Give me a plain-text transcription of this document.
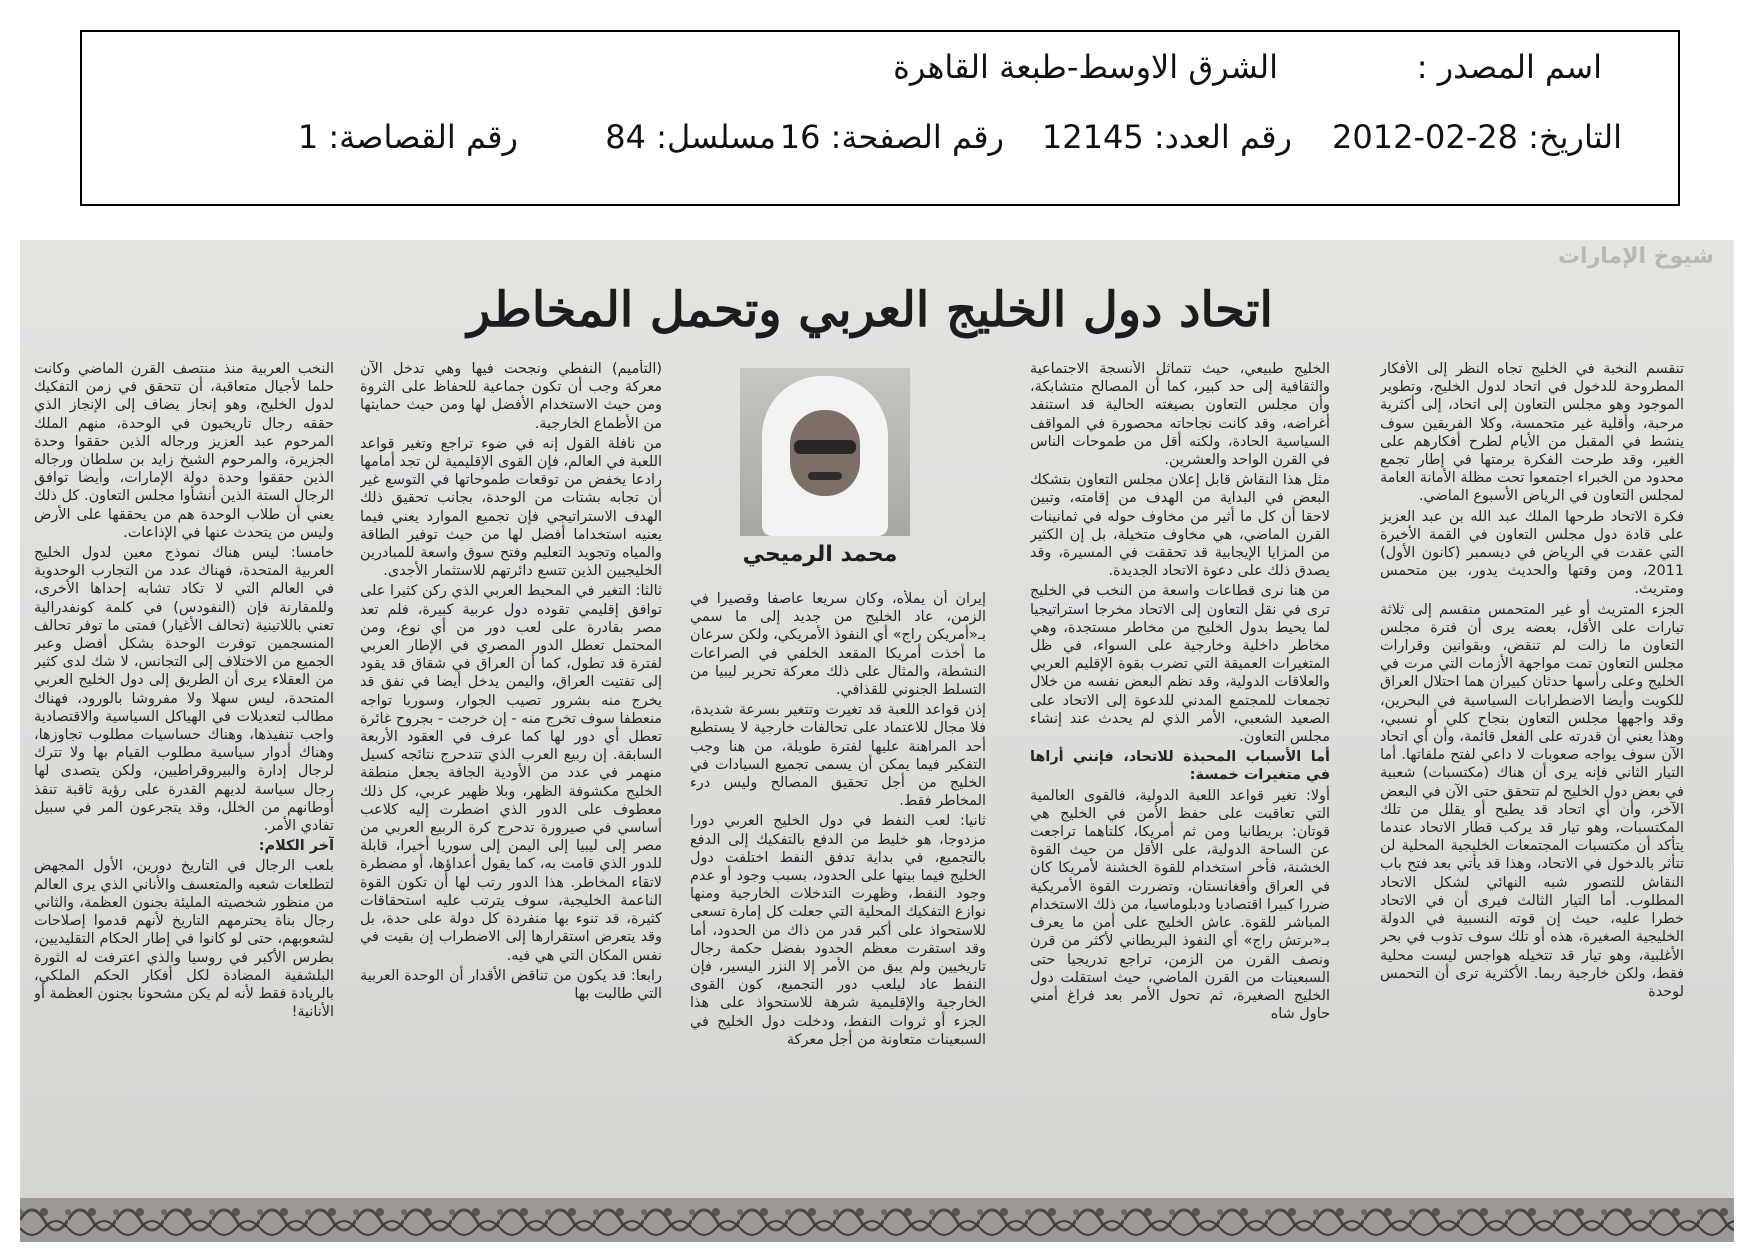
اسم المصدر :
الشرق الاوسط-طبعة القاهرة
التاريخ: 28-02-2012
رقم العدد: 12145
رقم الصفحة: 16
مسلسل: 84
رقم القصاصة: 1
شيوخ الإمارات
اتحاد دول الخليج العربي وتحمل المخاطر

تنقسم النخبة في الخليج تجاه النظر إلى الأفكار المطروحة للدخول في اتحاد لدول الخليج، وتطوير الموجود وهو مجلس التعاون إلى اتحاد، إلى أكثرية مرحبة، وأقلية غير متحمسة، وكلا الفريقين سوف ينشط في المقبل من الأيام لطرح أفكارهم على الغير، وقد طرحت الفكرة برمتها في إطار تجمع محدود من الخبراء اجتمعوا تحت مظلة الأمانة العامة لمجلس التعاون في الرياض الأسبوع الماضي.

فكرة الاتحاد طرحها الملك عبد الله بن عبد العزيز على قادة دول مجلس التعاون في القمة الأخيرة التي عقدت في الرياض في ديسمبر (كانون الأول) 2011، ومن وقتها والحديث يدور، بين متحمس ومتريث.

الجزء المتريث أو غير المتحمس منقسم إلى ثلاثة تيارات على الأقل، بعضه يرى أن فترة مجلس التعاون ما زالت لم تنقض، وبقوانين وقرارات مجلس التعاون تمت مواجهة الأزمات التي مرت في الخليج وعلى رأسها حدثان كبيران هما احتلال العراق للكويت وأيضا الاضطرابات السياسية في البحرين، وقد واجهها مجلس التعاون بنجاح كلي أو نسبي، وهذا يعني أن قدرته على الفعل قائمة، وأن أي اتحاد الآن سوف يواجه صعوبات لا داعي لفتح ملفاتها. أما التيار الثاني فإنه يرى أن هناك (مكتسبات) شعبية في بعض دول الخليج لم تتحقق حتى الآن في البعض الآخر، وأن أي اتحاد قد يطيح أو يقلل من تلك المكتسبات، وهو تيار قد يركب قطار الاتحاد عندما يتأكد أن مكتسبات المجتمعات الخليجية المحلية لن تتأثر بالدخول في الاتحاد، وهذا قد يأتي بعد فتح باب النقاش للتصور شبه النهائي لشكل الاتحاد المطلوب. أما التيار الثالث فيرى أن في الاتحاد خطرا عليه، حيث إن قوته النسبية في الدولة الخليجية الصغيرة، هذه أو تلك سوف تذوب في بحر الأغلبية، وهو تيار قد تتخيله هواجس ليست محلية فقط، ولكن خارجية ربما. الأكثرية ترى أن التحمس لوحدة

الخليج طبيعي، حيث تتماثل الأنسجة الاجتماعية والثقافية إلى حد كبير، كما أن المصالح متشابكة، وأن مجلس التعاون بصيغته الحالية قد استنفد أغراضه، وقد كانت نجاحاته محصورة في المواقف السياسية الحادة، ولكنه أقل من طموحات الناس في القرن الواحد والعشرين.

مثل هذا النقاش قابل إعلان مجلس التعاون بتشكك البعض في البداية من الهدف من إقامته، وتبين لاحقا أن كل ما أثير من مخاوف حوله في ثمانينات القرن الماضي، هي مخاوف متخيلة، بل إن الكثير من المزايا الإيجابية قد تحققت في المسيرة، وقد يصدق ذلك على دعوة الاتحاد الجديدة.

من هنا نرى قطاعات واسعة من النخب في الخليج ترى في نقل التعاون إلى الاتحاد مخرجا استراتيجيا لما يحيط بدول الخليج من مخاطر مستجدة، وهي مخاطر داخلية وخارجية على السواء، في ظل المتغيرات العميقة التي تضرب بقوة الإقليم العربي والعلاقات الدولية، وقد نظم البعض نفسه من خلال تجمعات للمجتمع المدني للدعوة إلى الاتحاد على الصعيد الشعبي، الأمر الذي لم يحدث عند إنشاء مجلس التعاون.

أما الأسباب المحبذة للاتحاد، فإنني أراها في متغيرات خمسة:

أولا: تغير قواعد اللعبة الدولية، فالقوى العالمية التي تعاقبت على حفظ الأمن في الخليج هي قوتان: بريطانيا ومن ثم أمريكا، كلتاهما تراجعت عن الساحة الدولية، على الأقل من حيث القوة الخشنة، فأخر استخدام للقوة الخشنة لأمريكا كان في العراق وأفغانستان، وتضررت القوة الأمريكية ضررا كبيرا اقتصاديا ودبلوماسيا، من ذلك الاستخدام المباشر للقوة. عاش الخليج على أمن ما يعرف بـ«برتش راج» أي النفوذ البريطاني لأكثر من قرن ونصف القرن من الزمن، تراجع تدريجيا حتى السبعينات من القرن الماضي، حيث استقلت دول الخليج الصغيرة، ثم تحول الأمر بعد فراغ أمني حاول شاه

محمد الرميحي

إيران أن يملأه، وكان سريعا عاصفا وقصيرا في الزمن، عاد الخليج من جديد إلى ما سمي بـ«أمريكن راج» أي النفوذ الأمريكي، ولكن سرعان ما أخذت أمريكا المقعد الخلفي في الصراعات النشطة، والمثال على ذلك معركة تحرير ليبيا من التسلط الجنوني للقذافي.

إذن قواعد اللعبة قد تغيرت وتتغير بسرعة شديدة، فلا مجال للاعتماد على تحالفات خارجية لا يستطيع أحد المراهنة عليها لفترة طويلة، من هنا وجب التفكير فيما يمكن أن يسمى تجميع السيادات في الخليج من أجل تحقيق المصالح وليس درء المخاطر فقط.

ثانيا: لعب النفط في دول الخليج العربي دورا مزدوجا، هو خليط من الدفع بالتفكيك إلى الدفع بالتجميع، في بداية تدفق النفط اختلفت دول الخليج فيما بينها على الحدود، بسبب وجود أو عدم وجود النفط، وظهرت التدخلات الخارجية ومنها نوازع التفكيك المحلية التي جعلت كل إمارة تسعى للاستحواذ على أكبر قدر من ذاك من الحدود، أما وقد استقرت معظم الحدود بفضل حكمة رجال تاريخيين ولم يبق من الأمر إلا النزر اليسير، فإن النفط عاد ليلعب دور التجميع، كون القوى الخارجية والإقليمية شرهة للاستحواذ على هذا الجزء أو ثروات النفط، ودخلت دول الخليج في السبعينات متعاونة من أجل معركة

(التأميم) النفطي ونجحت فيها وهي تدخل الآن معركة وجب أن تكون جماعية للحفاظ على الثروة ومن حيث الاستخدام الأفضل لها ومن حيث حمايتها من الأطماع الخارجية.

من نافلة القول إنه في ضوء تراجع وتغير قواعد اللعبة في العالم، فإن القوى الإقليمية لن تجد أمامها رادعا يخفض من توقعات طموحاتها في التوسع غير أن تجابه بشتات من الوحدة، بجانب تحقيق ذلك الهدف الاستراتيجي فإن تجميع الموارد يعني فيما يعنيه استخداما أفضل لها من حيث توفير الطاقة والمياه وتجويد التعليم وفتح سوق واسعة للمبادرين الخليجيين الذين تتسع دائرتهم للاستثمار الأجدى.

ثالثا: التغير في المحيط العربي الذي ركن كثيرا على توافق إقليمي تقوده دول عربية كبيرة، فلم تعد مصر بقادرة على لعب دور من أي نوع، ومن المحتمل تعطل الدور المصري في الإطار العربي لفترة قد تطول، كما أن العراق في شقاق قد يقود إلى تفتيت العراق، واليمن يدخل أيضا في نفق قد يخرج منه بشرور تصيب الجوار، وسوريا تواجه منعطفا سوف تخرج منه - إن خرجت - بجروح غائرة تعطل أي دور لها كما عرف في العقود الأربعة السابقة. إن ربيع العرب الذي تتدحرج نتائجه كسيل منهمر في عدد من الأودية الجافة يجعل منطقة الخليج مكشوفة الظهر، وبلا ظهير عربي، كل ذلك معطوف على الدور الذي اضطرت إليه كلاعب أساسي في صيرورة تدحرج كرة الربيع العربي من مصر إلى ليبيا إلى اليمن إلى سوريا أخيرا، قابلة للدور الذي قامت به، كما يقول أعداؤها، أو مضطرة لاتقاء المخاطر. هذا الدور رتب لها أن تكون القوة الناعمة الخليجية، سوف يترتب عليه استحقاقات كثيرة، قد تنوء بها منفردة كل دولة على حدة، بل وقد يتعرض استقرارها إلى الاضطراب إن بقيت في نفس المكان التي هي فيه.

رابعا: قد يكون من تناقض الأقدار أن الوحدة العربية التي طالبت بها

النخب العربية منذ منتصف القرن الماضي وكانت حلما لأجيال متعاقبة، أن تتحقق في زمن التفكيك لدول الخليج، وهو إنجاز يضاف إلى الإنجاز الذي حققه رجال تاريخيون في الوحدة، منهم الملك المرحوم عبد العزيز ورجاله الذين حققوا وحدة الجزيرة، والمرحوم الشيخ زايد بن سلطان ورجاله الذين حققوا وحدة دولة الإمارات، وأيضا توافق الرجال الستة الذين أنشأوا مجلس التعاون. كل ذلك يعني أن طلاب الوحدة هم من يحققها على الأرض وليس من يتحدث عنها في الإذاعات.

خامسا: ليس هناك نموذج معين لدول الخليج العربية المتحدة، فهناك عدد من التجارب الوحدوية في العالم التي لا تكاد تشابه إحداها الأخرى، وللمقارنة فإن (النفودس) في كلمة كونفدرالية تعني باللاتينية (تحالف الأغيار) فمتى ما توفر تحالف المنسجمين توفرت الوحدة بشكل أفضل وعبر الجميع من الاختلاف إلى التجانس، لا شك لدى كثير من العقلاء يرى أن الطريق إلى دول الخليج العربي المتحدة، ليس سهلا ولا مفروشا بالورود، فهناك مطالب لتعديلات في الهياكل السياسية والاقتصادية واجب تنفيذها، وهناك حساسيات مطلوب تجاوزها، وهناك أدوار سياسية مطلوب القيام بها ولا تترك لرجال إدارة والبيروقراطيين، ولكن يتصدى لها رجال سياسة لديهم القدرة على رؤية ثاقبة تنقذ أوطانهم من الخلل، وقد يتجرعون المر في سبيل تفادي الأمر.

آخر الكلام:

بلعب الرجال في التاريخ دورين، الأول المجهض لتطلعات شعبه والمتعسف والأناني الذي يرى العالم من منظور شخصيته المليئة بجنون العظمة، والثاني رجال بناة يحترمهم التاريخ لأنهم قدموا إصلاحات لشعوبهم، حتى لو كانوا في إطار الحكام التقليديين، بطرس الأكبر في روسيا والذي اعترفت له الثورة البلشفية المضادة لكل أفكار الحكم الملكي، بالريادة فقط لأنه لم يكن مشحونا بجنون العظمة أو الأنانية!
